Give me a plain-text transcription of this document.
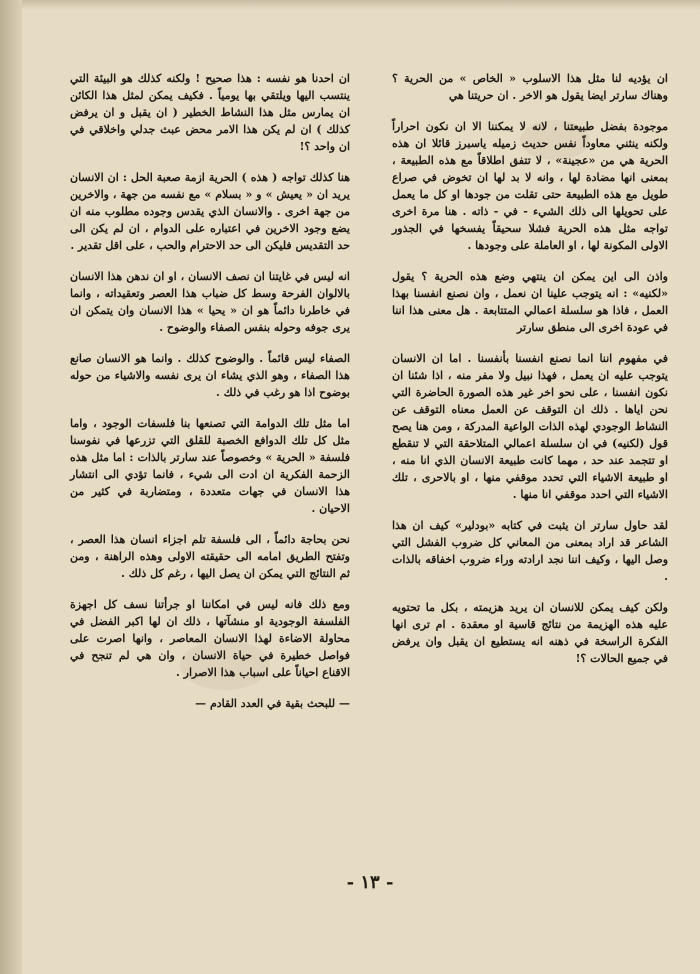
ان يؤديه لنا مثل هذا الاسلوب « الخاص » من الحرية ؟ وهناك سارتر ايضا يقول هو الاخر . ان حريتنا هي

موجودة بفضل طبيعتنا ، لانه لا يمكننا الا ان نكون احراراً ولكنه ينثني معاوداً نفس حديث زميله ياسبرز قائلا ان هذه الحرية هي من «عجينة» ، لا تتفق اطلاقاً مع هذه الطبيعة ، بمعنى انها مضادة لها ، وانه لا بد لها ان تخوض في صراع طويل مع هذه الطبيعة حتى تقلت من جودها او كل ما يعمل على تحويلها الى ذلك الشيء - في - ذاته . هنا مرة اخرى تواجه مثل هذه الحرية فشلا سحيقاً يفسخها في الجذور الاولى المكونة لها ، او العاملة على وجودها .

واذن الى اين يمكن ان ينتهي وضع هذه الحرية ؟ يقول «لكنيه» : انه يتوجب علينا ان نعمل ، وان نصنع انفسنا بهذا العمل ، فاذا هو سلسلة اعمالي المتتابعة . هل معنى هذا اننا في عودة اخرى الى منطق سارتر

في مفهوم اننا انما نصنع انفسنا بأنفسنا . اما ان الانسان يتوجب عليه ان يعمل ، فهذا نبيل ولا مفر منه ، اذا شئنا ان نكون انفسنا ، على نحو اخر غير هذه الصورة الحاضرة التي نحن اياها . ذلك ان التوقف عن العمل معناه التوقف عن النشاط الوجودي لهذه الذات الواعية المدركة ، ومن هنا يصح قول (لكنيه) في ان سلسلة اعمالي المتلاحقة التي لا تنقطع او تتجمد عند حد ، مهما كانت طبيعة الانسان الذي انا منه ، او طبيعة الاشياء التي تحدد موقفي منها ، او بالاحرى ، تلك الاشياء التي احدد موقفي انا منها .

لقد حاول سارتر ان يثبت في كتابه «بودلير» كيف ان هذا الشاعر قد اراد بمعنى من المعاني كل ضروب الفشل التي وصل اليها ، وكيف اننا نجد ارادته وراء ضروب اخفاقه بالذات .

ولكن كيف يمكن للانسان ان يريد هزيمته ، بكل ما تحتويه عليه هذه الهزيمة من نتائج قاسية او معقدة . ام ترى انها الفكرة الراسخة في ذهنه انه يستطيع ان يقبل وان يرفض في جميع الحالات ؟!

ان احدنا هو نفسه : هذا صحيح ! ولكنه كذلك هو البيئة التي ينتسب اليها ويلتقي بها يومياً . فكيف يمكن لمثل هذا الكائن ان يمارس مثل هذا النشاط الخطير ( ان يقبل و ان يرفض كذلك ) ان لم يكن هذا الامر محض عبث جدلي واخلاقي في ان واحد ؟!

هنا كذلك تواجه ( هذه ) الحرية ازمة صعبة الحل : ان الانسان يريد ان « يعيش » و « بسلام » مع نفسه من جهة ، والاخرين من جهة اخرى . والانسان الذي يقدس وجوده مطلوب منه ان يضع وجود الاخرين في اعتباره على الدوام ، ان لم يكن الى حد التقديس فليكن الى حد الاحترام والحب ، على اقل تقدير .

انه ليس في غايتنا ان نصف الانسان ، او ان ندهن هذا الانسان بالالوان الفرحة وسط كل ضباب هذا العصر وتعقيداته ، وانما في خاطرنا دائماً هو ان « يحيا » هذا الانسان وان يتمكن ان يرى جوفه وحوله بنفس الصفاء والوضوح .

الصفاء ليس قائماً . والوضوح كذلك . وانما هو الانسان صانع هذا الصفاء ، وهو الذي يشاء ان يرى نفسه والاشياء من حوله بوضوح اذا هو رغب في ذلك .

اما مثل تلك الدوامة التي تصنعها بنا فلسفات الوجود ، واما مثل كل تلك الدوافع الخصبة للقلق التي تزرعها في نفوسنا فلسفة « الحرية » وخصوصاً عند سارتر بالذات : اما مثل هذه الزحمة الفكرية ان ادت الى شيء ، فانما تؤدي الى انتشار هذا الانسان في جهات متعددة ، ومتضاربة في كثير من الاحيان .

نحن بحاجة دائماً ، الى فلسفة تلم اجزاء انسان هذا العصر ، وتفتح الطريق امامه الى حقيقته الاولى وهذه الراهنة ، ومن ثم النتائج التي يمكن ان يصل اليها ، رغم كل ذلك .

ومع ذلك فانه ليس في امكاننا او جرأتنا نسف كل اجهزة الفلسفة الوجودية او منشآتها ، ذلك ان لها اكبر الفضل في محاولة الاضاءة لهذا الانسان المعاصر ، وانها اصرت على فواصل خطيرة في حياة الانسان ، وان هي لم تنجح في الاقناع احياناً على اسباب هذا الاصرار .

— للبحث بقية في العدد القادم —

- ١٣ -
